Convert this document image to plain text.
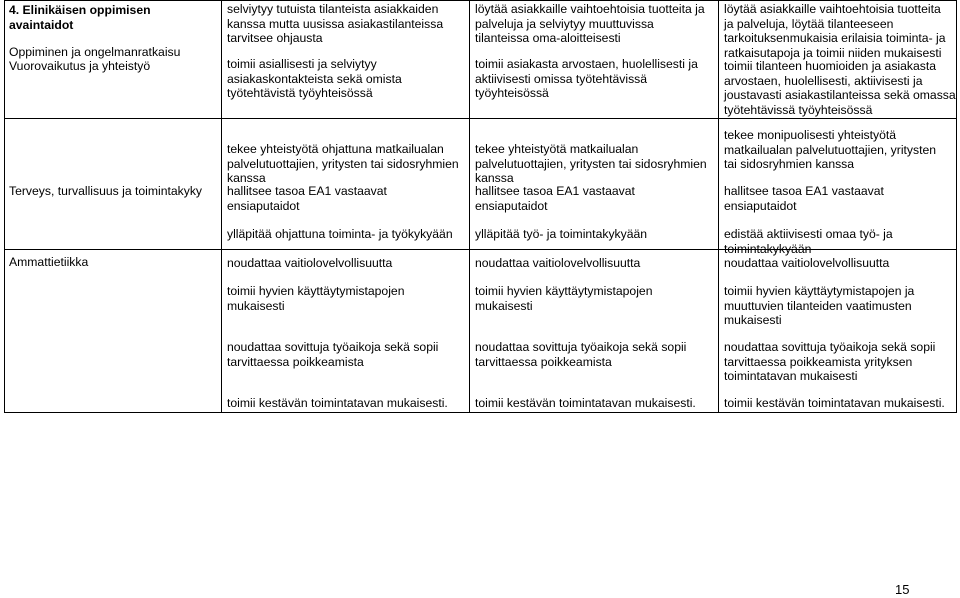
4. Elinikäisen oppimisen
avaintaidot
Oppiminen ja ongelmanratkaisu
Vuorovaikutus ja yhteistyö
selviytyy tutuista tilanteista asiakkaiden
kanssa mutta uusissa asiakastilanteissa
tarvitsee ohjausta
toimii asiallisesti ja selviytyy
asiakaskontakteista sekä omista
työtehtävistä työyhteisössä
löytää asiakkaille vaihtoehtoisia tuotteita ja
palveluja ja selviytyy muuttuvissa
tilanteissa oma-aloitteisesti
toimii asiakasta arvostaen, huolellisesti ja
aktiivisesti omissa työtehtävissä
työyhteisössä
löytää asiakkaille vaihtoehtoisia tuotteita
ja palveluja, löytää tilanteeseen
tarkoituksenmukaisia erilaisia toiminta- ja
ratkaisutapoja ja toimii niiden mukaisesti
toimii tilanteen huomioiden ja asiakasta
arvostaen, huolellisesti, aktiivisesti ja
joustavasti asiakastilanteissa sekä omassa
työtehtävissä työyhteisössä
Terveys, turvallisuus ja toimintakyky
tekee yhteistyötä ohjattuna matkailualan
palvelutuottajien, yritysten tai sidosryhmien
kanssa
hallitsee tasoa EA1 vastaavat
ensiaputaidot
ylläpitää ohjattuna toiminta- ja työkykyään
tekee yhteistyötä matkailualan
palvelutuottajien, yritysten tai sidosryhmien
kanssa
hallitsee tasoa EA1 vastaavat
ensiaputaidot
ylläpitää työ- ja toimintakykyään
tekee monipuolisesti yhteistyötä
matkailualan palvelutuottajien, yritysten
tai sidosryhmien kanssa
hallitsee tasoa EA1 vastaavat
ensiaputaidot
edistää aktiivisesti omaa työ- ja
toimintakykyään
Ammattietiikka	noudattaa vaitiolovelvollisuutta
toimii hyvien käyttäytymistapojen
mukaisesti
noudattaa sovittuja työaikoja sekä sopii
tarvittaessa poikkeamista
toimii kestävän toimintatavan mukaisesti.
noudattaa vaitiolovelvollisuutta
toimii hyvien käyttäytymistapojen
mukaisesti
noudattaa sovittuja työaikoja sekä sopii
tarvittaessa poikkeamista
toimii kestävän toimintatavan mukaisesti.
noudattaa vaitiolovelvollisuutta
toimii hyvien käyttäytymistapojen ja
muuttuvien tilanteiden vaatimusten
mukaisesti
noudattaa sovittuja työaikoja sekä sopii
tarvittaessa poikkeamista yrityksen
toimintatavan mukaisesti
toimii kestävän toimintatavan mukaisesti.
15
